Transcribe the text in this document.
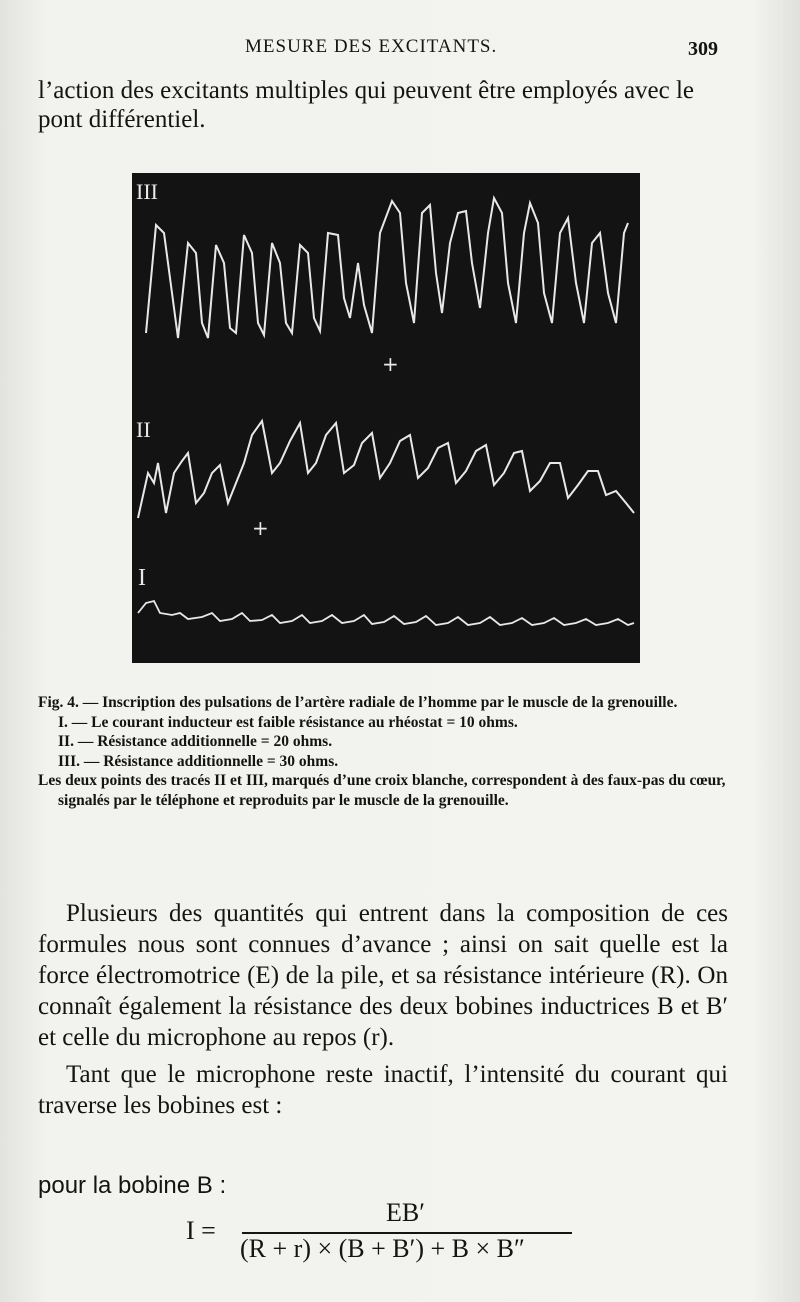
MESURE DES EXCITANTS.	309
l’action des excitants multiples qui peuvent être employés avec le pont différentiel.
III
II
I
+
+

Fig. 4. — Inscription des pulsations de l’artère radiale de l’homme par le muscle de la grenouille.

I. — Le courant inducteur est faible résistance au rhéostat = 10 ohms.

II. — Résistance additionnelle = 20 ohms.

III. — Résistance additionnelle = 30 ohms.

Les deux points des tracés II et III, marqués d’une croix blanche, correspondent à des faux-pas du cœur, signalés par le téléphone et reproduits par le muscle de la grenouille.

Plusieurs des quantités qui entrent dans la composition de ces formules nous sont connues d’avance ; ainsi on sait quelle est la force électromotrice (E) de la pile, et sa résistance intérieure (R). On connaît également la résistance des deux bobines inductrices B et B′ et celle du microphone au repos (r).

Tant que le microphone reste inactif, l’intensité du courant qui traverse les bobines est :

pour la bobine B :
I =
EB′
(R + r) × (B + B′) + B × B″
